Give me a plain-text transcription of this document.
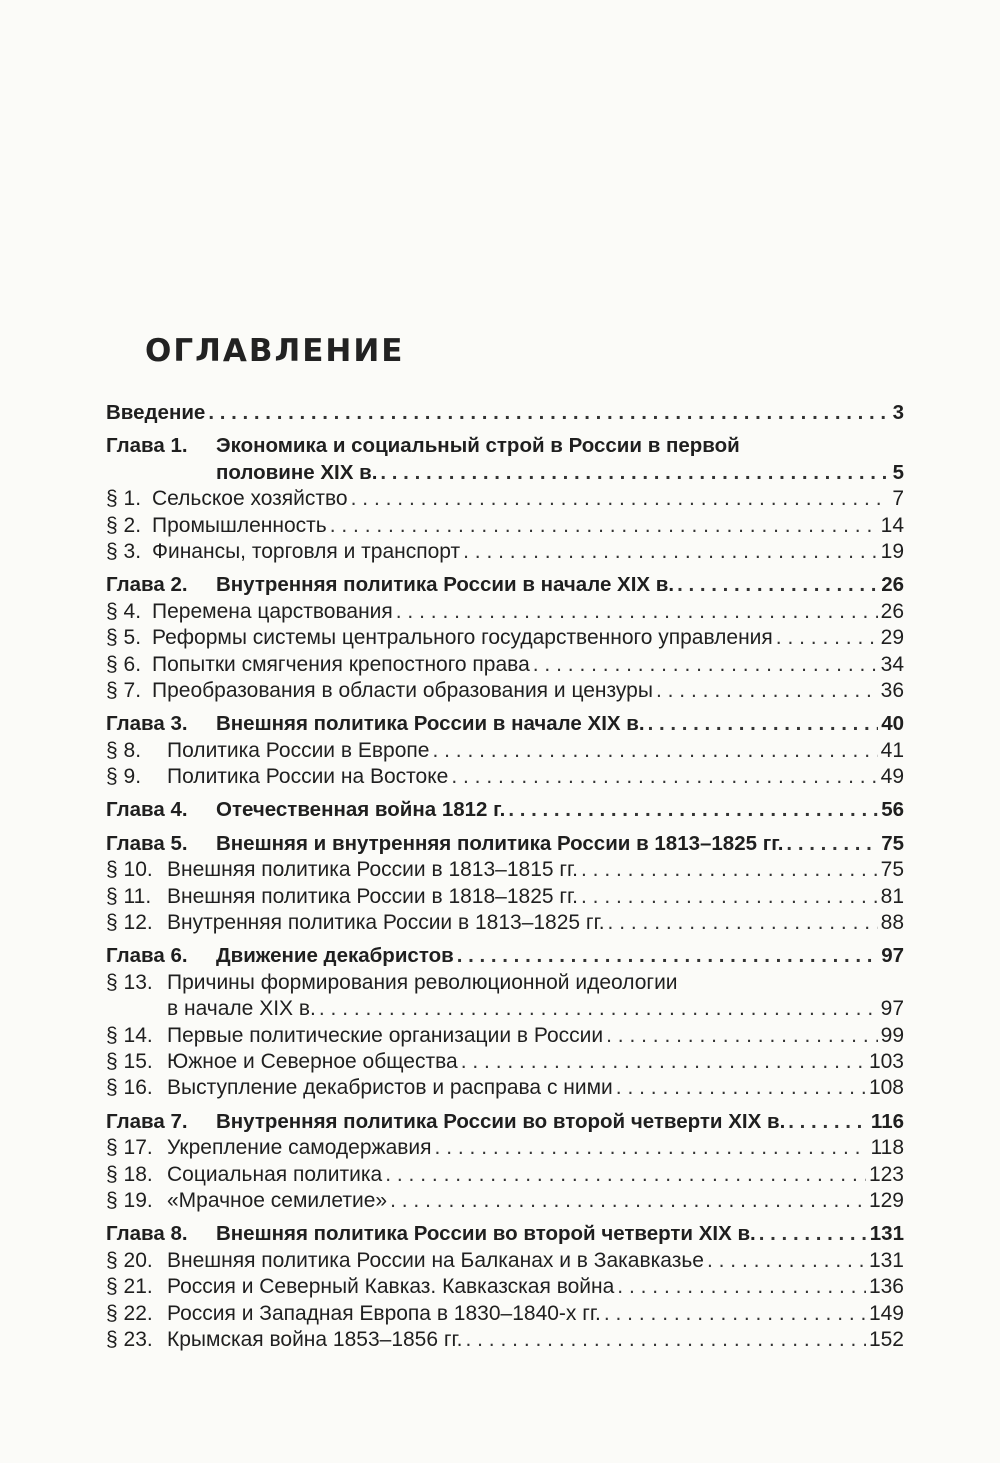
ОГЛАВЛЕНИЕ
Введение . . .	3
Глава 1. Экономика и социальный строй в России в первой
половине XIX в. . . .	5
§ 1. Сельское хозяйство . . .	7
§ 2. Промышленность . . .	14
§ 3. Финансы, торговля и транспорт . . .	19
Глава 2. Внутренняя политика России в начале XIX в. . . .	26
§ 4. Перемена царствования . . .	26
§ 5. Реформы системы центрального государственного управления . . .	29
§ 6. Попытки смягчения крепостного права . . .	34
§ 7. Преобразования в области образования и цензуры . . .	36
Глава 3. Внешняя политика России в начале XIX в. . . .	40
§ 8. Политика России в Европе . . .	41
§ 9. Политика России на Востоке . . .	49
Глава 4. Отечественная война 1812 г. . . .	56
Глава 5. Внешняя и внутренняя политика России в 1813–1825 гг. . . .	75
§ 10. Внешняя политика России в 1813–1815 гг. . . .	75
§ 11. Внешняя политика России в 1818–1825 гг. . . .	81
§ 12. Внутренняя политика России в 1813–1825 гг. . . .	88
Глава 6. Движение декабристов . . .	97
§ 13. Причины формирования революционной идеологии
в начале XIX в. . . .	97
§ 14. Первые политические организации в России . . .	99
§ 15. Южное и Северное общества . . .	103
§ 16. Выступление декабристов и расправа с ними . . .	108
Глава 7. Внутренняя политика России во второй четверти XIX в. . . .	116
§ 17. Укрепление самодержавия . . .	118
§ 18. Социальная политика . . .	123
§ 19. «Мрачное семилетие» . . .	129
Глава 8. Внешняя политика России во второй четверти XIX в. . . .	131
§ 20. Внешняя политика России на Балканах и в Закавказье . . .	131
§ 21. Россия и Северный Кавказ. Кавказская война . . .	136
§ 22. Россия и Западная Европа в 1830–1840-х гг. . . .	149
§ 23. Крымская война 1853–1856 гг. . . .	152
